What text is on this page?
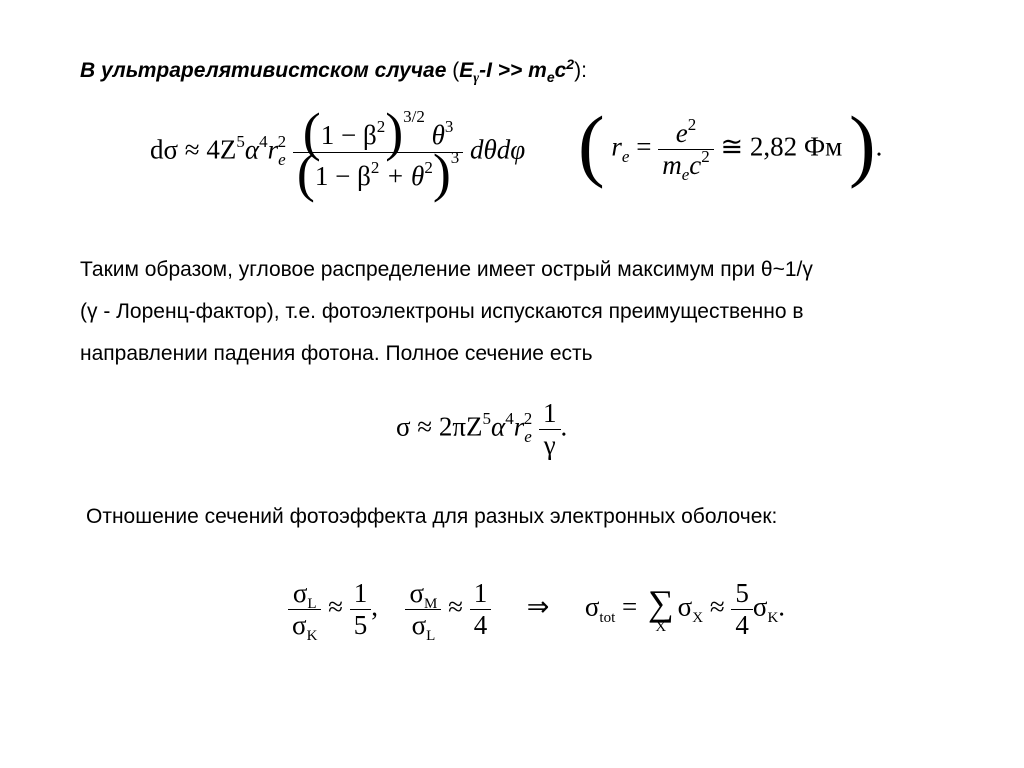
В ультрарелятивистском случае $(E_\gamma-I >> m_ec^2)$:
$d\sigma \approx 4Z^5\alpha^4r_e^2 \frac{(1 - \beta^2)^{3/2} \theta^3}{(1 - \beta^2 + \theta^2)^3}$ dθdφ ( $r_e = \frac{e^2}{m_ec^2}$ ≅ 2,82 Фм ).
Таким образом, угловое распределение имеет острый максимум при θ~1/γ
(γ - Лоренц-фактор), т.е. фотоэлектроны испускаются преимущественно в
направлении падения фотона. Полное сечение есть
$\sigma \approx 2\pi Z^5\alpha^4r_e^2 \frac{1}{\gamma}$ .
Отношение сечений фотоэффекта для разных электронных оболочек:
$\frac{\sigma_L}{\sigma_K} \approx \frac{1}{5}$ , $\frac{\sigma_M}{\sigma_L} \approx \frac{1}{4}$ ⇒ $\sigma_{tot}$ = ∑
X
$\sigma_X \approx \frac{5}{4} \sigma_K$.
